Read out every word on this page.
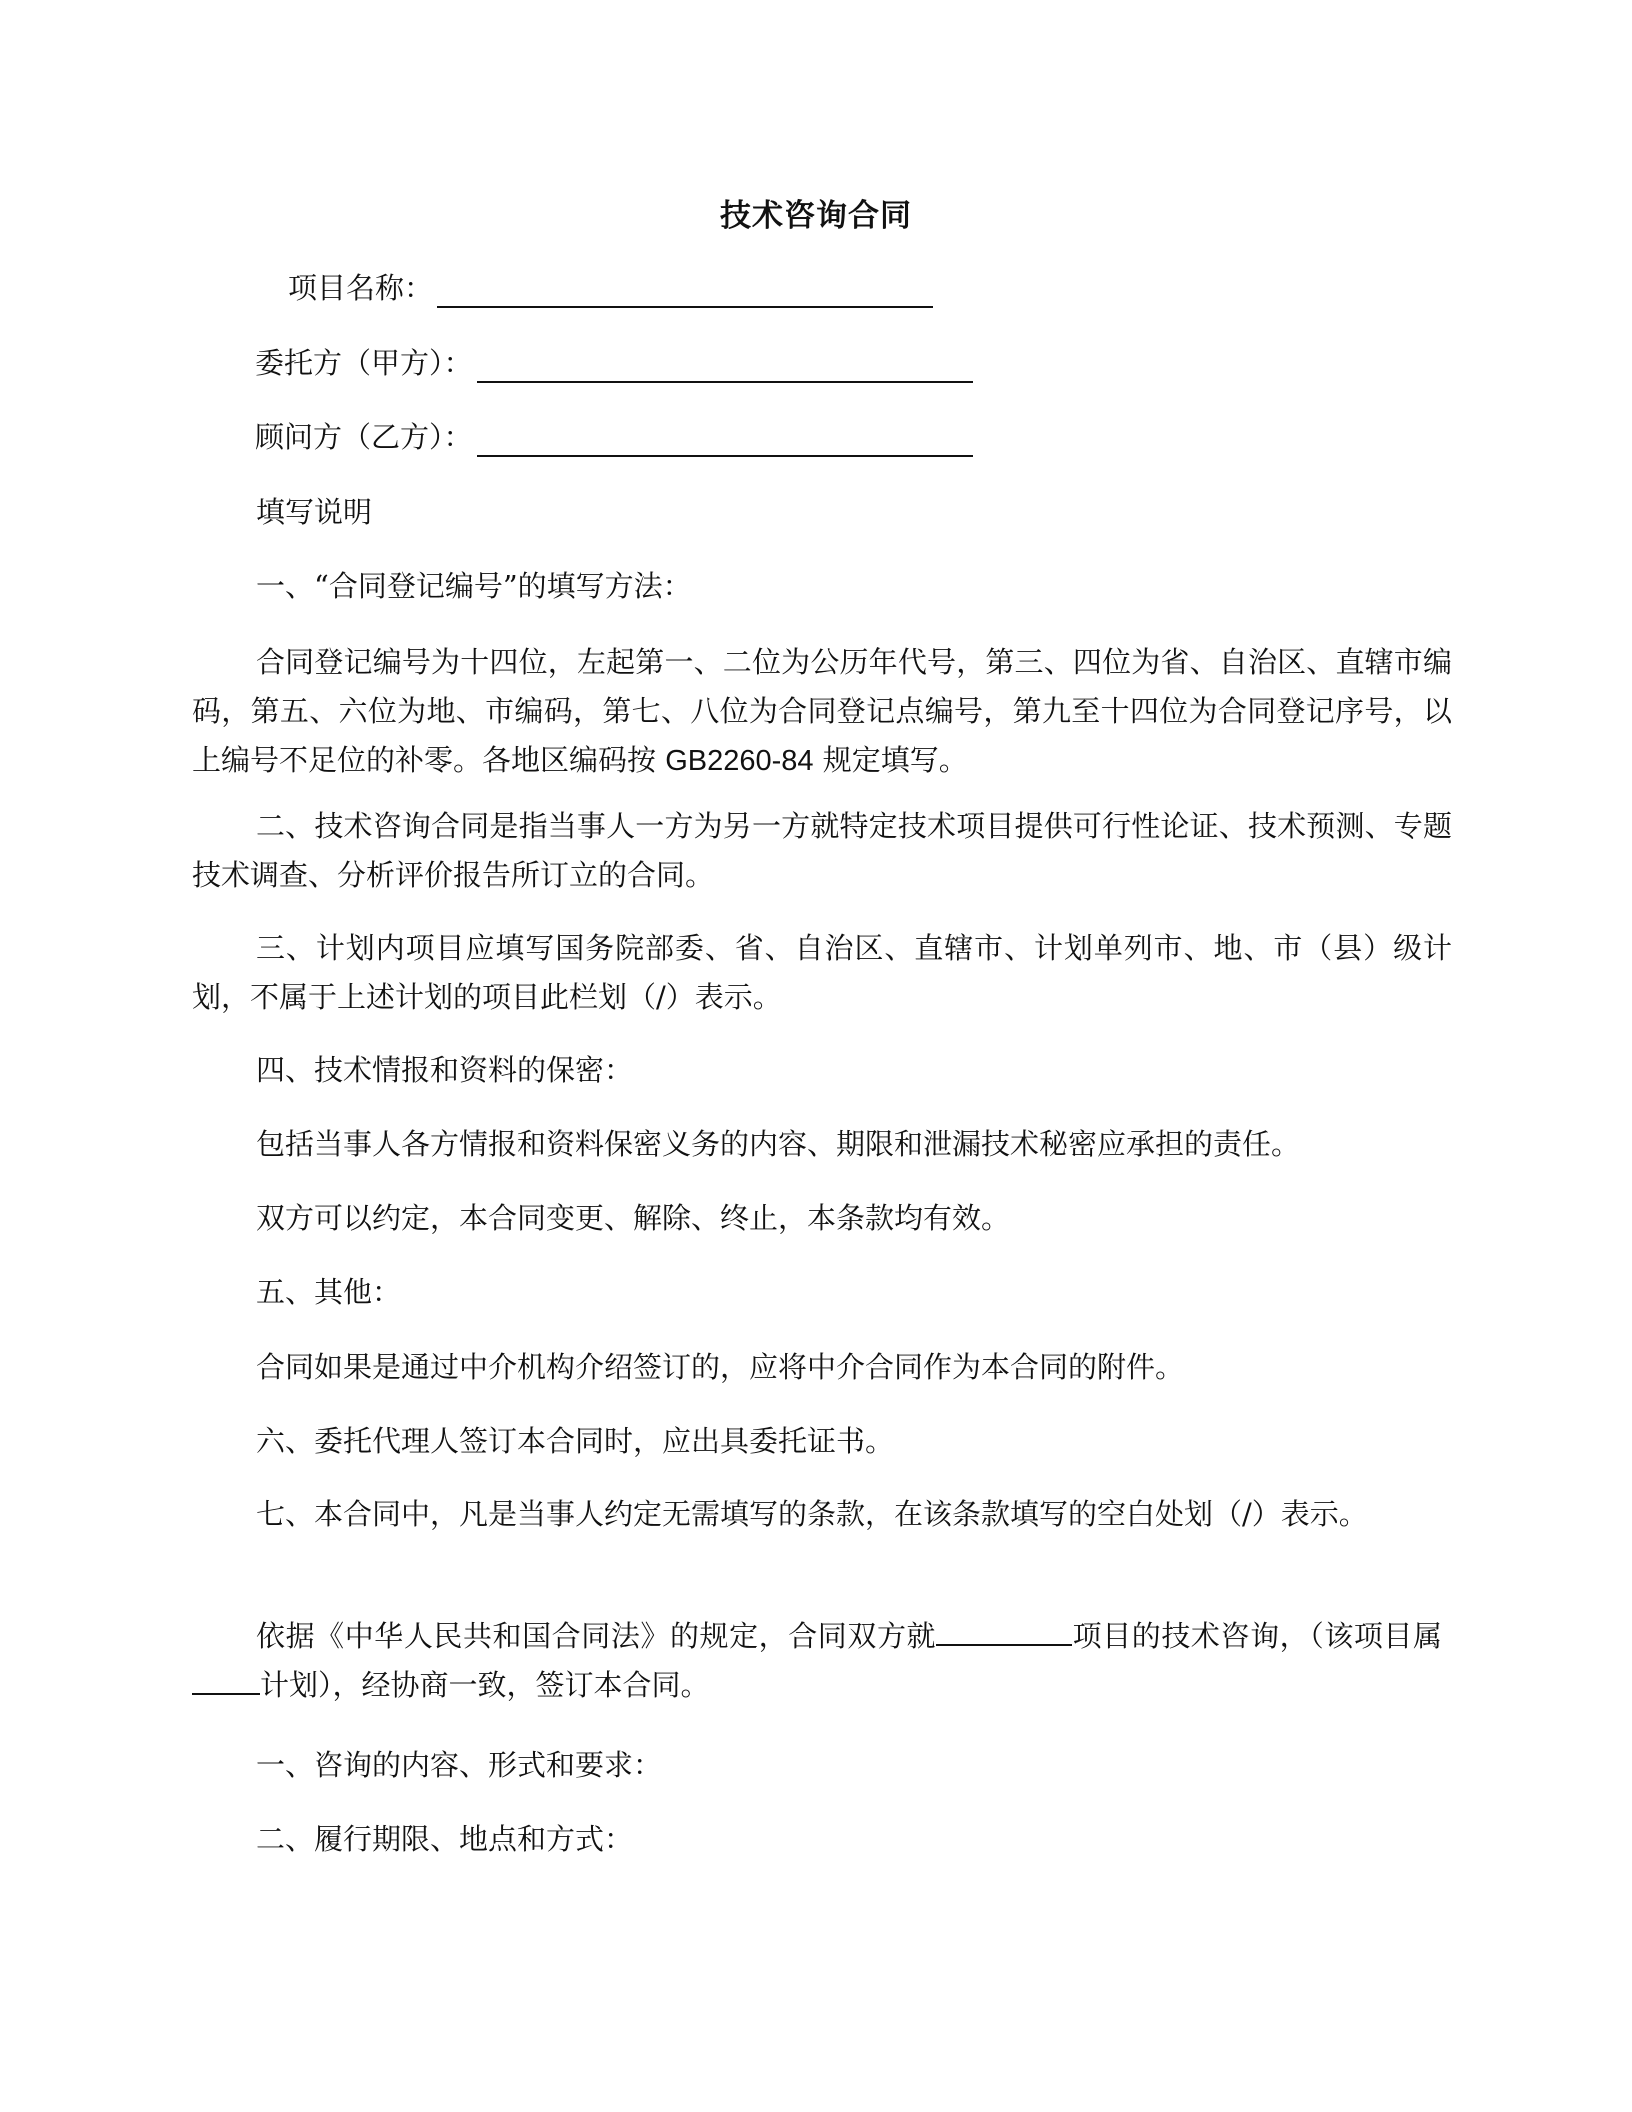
技术咨询合同
项目名称：
委托方（甲方）：
顾问方（乙方）：
填写说明
一、“合同登记编号”的填写方法：
合同登记编号为十四位，左起第一、二位为公历年代号，第三、四位为省、自治区、直辖市编码，第五、六位为地、市编码，第七、八位为合同登记点编号，第九至十四位为合同登记序号，以上编号不足位的补零。各地区编码按 GB2260-84 规定填写。
二、技术咨询合同是指当事人一方为另一方就特定技术项目提供可行性论证、技术预测、专题技术调查、分析评价报告所订立的合同。
三、计划内项目应填写国务院部委、省、自治区、直辖市、计划单列市、地、市（县）级计划，不属于上述计划的项目此栏划（/）表示。
四、技术情报和资料的保密：
包括当事人各方情报和资料保密义务的内容、期限和泄漏技术秘密应承担的责任。
双方可以约定，本合同变更、解除、终止，本条款均有效。
五、其他：
合同如果是通过中介机构介绍签订的，应将中介合同作为本合同的附件。
六、委托代理人签订本合同时，应出具委托证书。
七、本合同中，凡是当事人约定无需填写的条款，在该条款填写的空白处划（/）表示。
依据《中华人民共和国合同法》的规定，合同双方就	项目的技术咨询，（该项目属计划），经协商一致，签订本合同。
一、咨询的内容、形式和要求：
二、履行期限、地点和方式：
